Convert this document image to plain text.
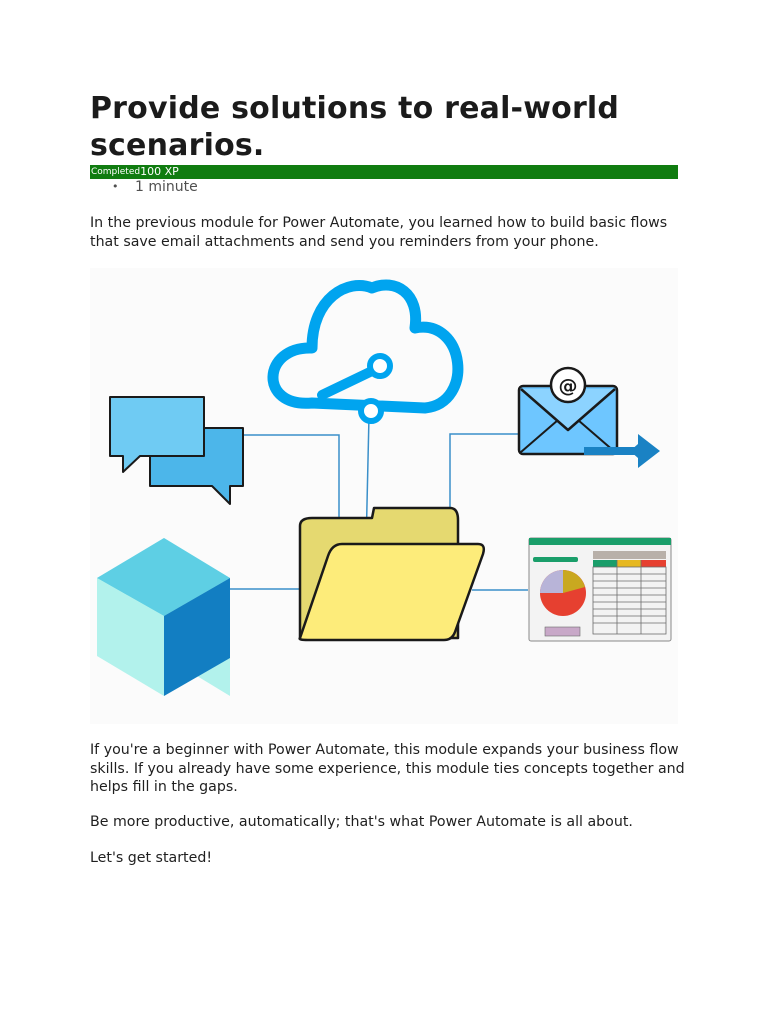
Provide solutions to real-world scenarios.
Completed 100 XP
• 1 minute

In the previous module for Power Automate, you learned how to build basic flows that save email attachments and send you reminders from your phone.

@

If you're a beginner with Power Automate, this module expands your business flow skills. If you already have some experience, this module ties concepts together and helps fill in the gaps.

Be more productive, automatically; that's what Power Automate is all about.

Let's get started!
